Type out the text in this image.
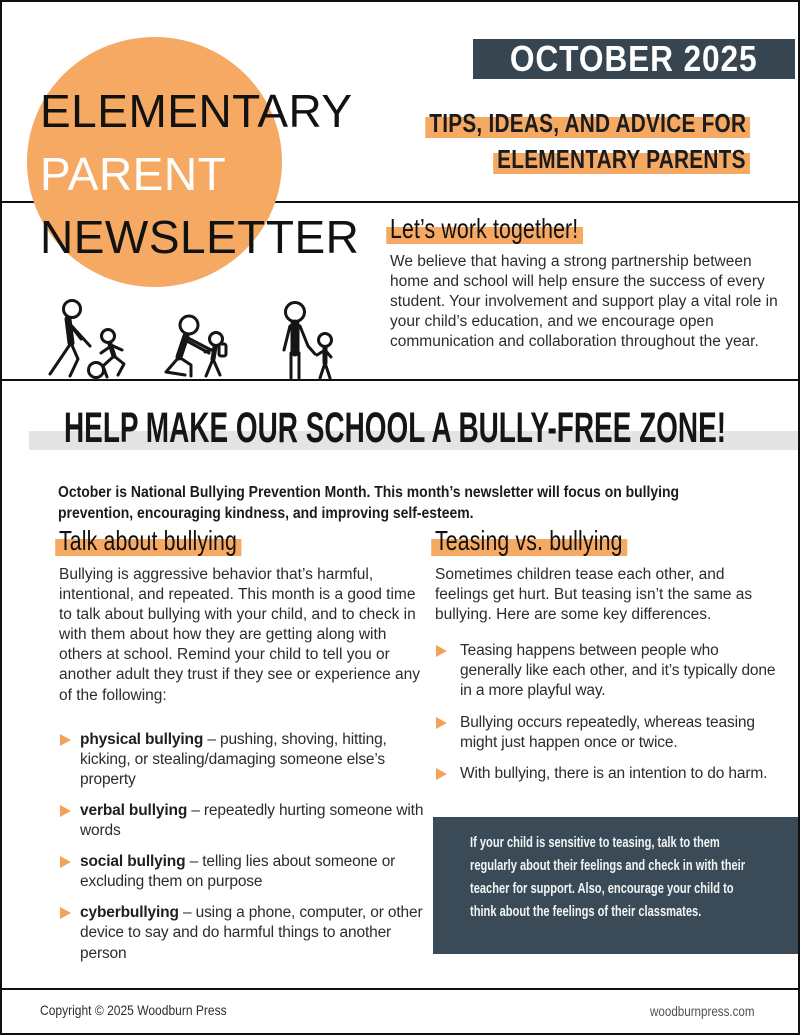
ELEMENTARY
PARENT
NEWSLETTER
OCTOBER 2025
TIPS, IDEAS, AND ADVICE FOR
ELEMENTARY PARENTS
Let’s work together!

We believe that having a strong partnership between home and school will help ensure the success of every student. Your involvement and support play a vital role in your child’s education, and we encourage open communication and collaboration throughout the year.

HELP MAKE OUR SCHOOL A BULLY-FREE ZONE!

October is National Bullying Prevention Month. This month’s newsletter will focus on bullying prevention, encouraging kindness, and improving self-esteem.

Talk about bullying

Bullying is aggressive behavior that’s harmful, intentional, and repeated. This month is a good time to talk about bullying with your child, and to check in with them about how they are getting along with others at school. Remind your child to tell you or another adult they trust if they see or experience any of the following:

physical bullying – pushing, shoving, hitting, kicking, or stealing/damaging someone else’s property
verbal bullying – repeatedly hurting someone with words
social bullying – telling lies about someone or excluding them on purpose
cyberbullying – using a phone, computer, or other device to say and do harmful things to another person
Teasing vs. bullying

Sometimes children tease each other, and feelings get hurt. But teasing isn’t the same as bullying. Here are some key differences.

Teasing happens between people who generally like each other, and it’s typically done in a more playful way.
Bullying occurs repeatedly, whereas teasing might just happen once or twice.
With bullying, there is an intention to do harm.

If your child is sensitive to teasing, talk to them regularly about their feelings and check in with their teacher for support. Also, encourage your child to think about the feelings of their classmates.

Copyright © 2025 Woodburn Press	woodburnpress.com
